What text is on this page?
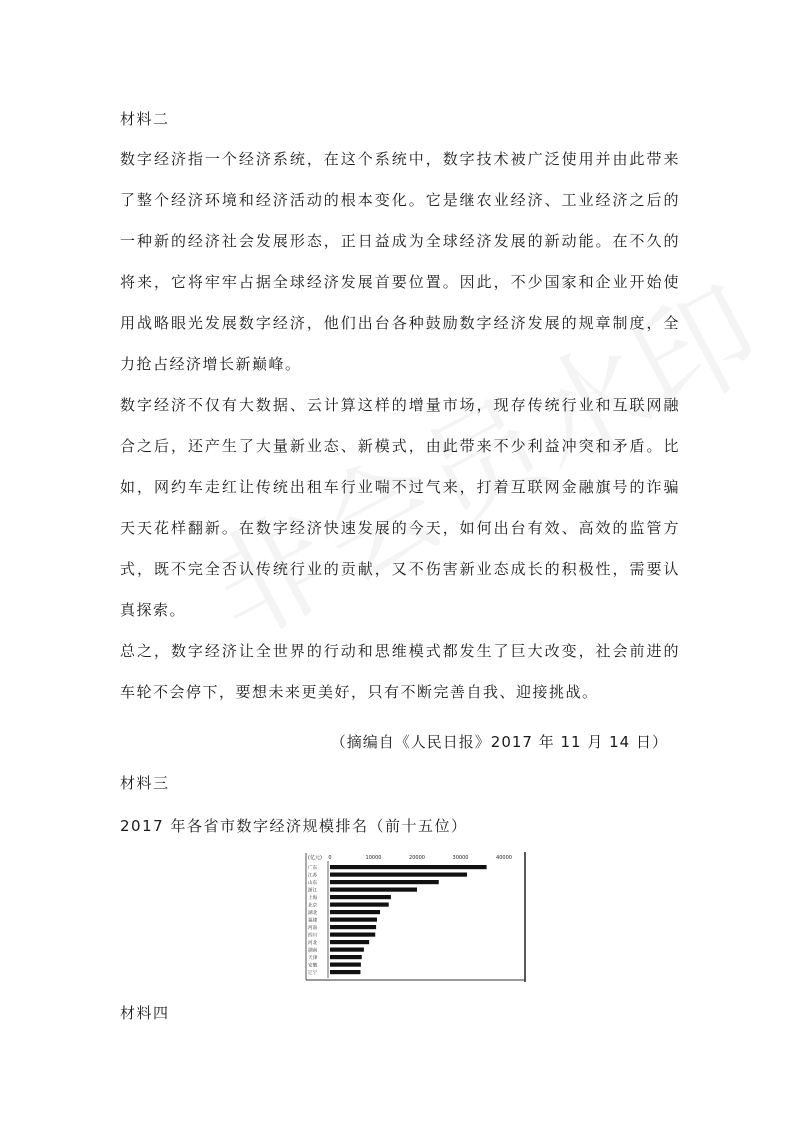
材料二

数字经济指一个经济系统，在这个系统中，数字技术被广泛使用并由此带来了整个经济环境和经济活动的根本变化。它是继农业经济、工业经济之后的一种新的经济社会发展形态，正日益成为全球经济发展的新动能。在不久的将来，它将牢牢占据全球经济发展首要位置。因此，不少国家和企业开始使用战略眼光发展数字经济，他们出台各种鼓励数字经济发展的规章制度，全力抢占经济增长新巅峰。

数字经济不仅有大数据、云计算这样的增量市场，现存传统行业和互联网融合之后，还产生了大量新业态、新模式，由此带来不少利益冲突和矛盾。比如，网约车走红让传统出租车行业喘不过气来，打着互联网金融旗号的诈骗天天花样翻新。在数字经济快速发展的今天，如何出台有效、高效的监管方式，既不完全否认传统行业的贡献，又不伤害新业态成长的积极性，需要认真探索。

总之，数字经济让全世界的行动和思维模式都发生了巨大改变，社会前进的车轮不会停下，要想未来更美好，只有不断完善自我、迎接挑战。

（摘编自《人民日报》2017 年 11 月 14 日）
材料三
2017 年各省市数字经济规模排名（前十五位）
(亿元) 0	10000	20000	30000	40000
广东
江苏
山东
浙江
上海
北京
湖北
福建
河南
四川
河北
湖南
天津
安徽
辽宁
材料四
